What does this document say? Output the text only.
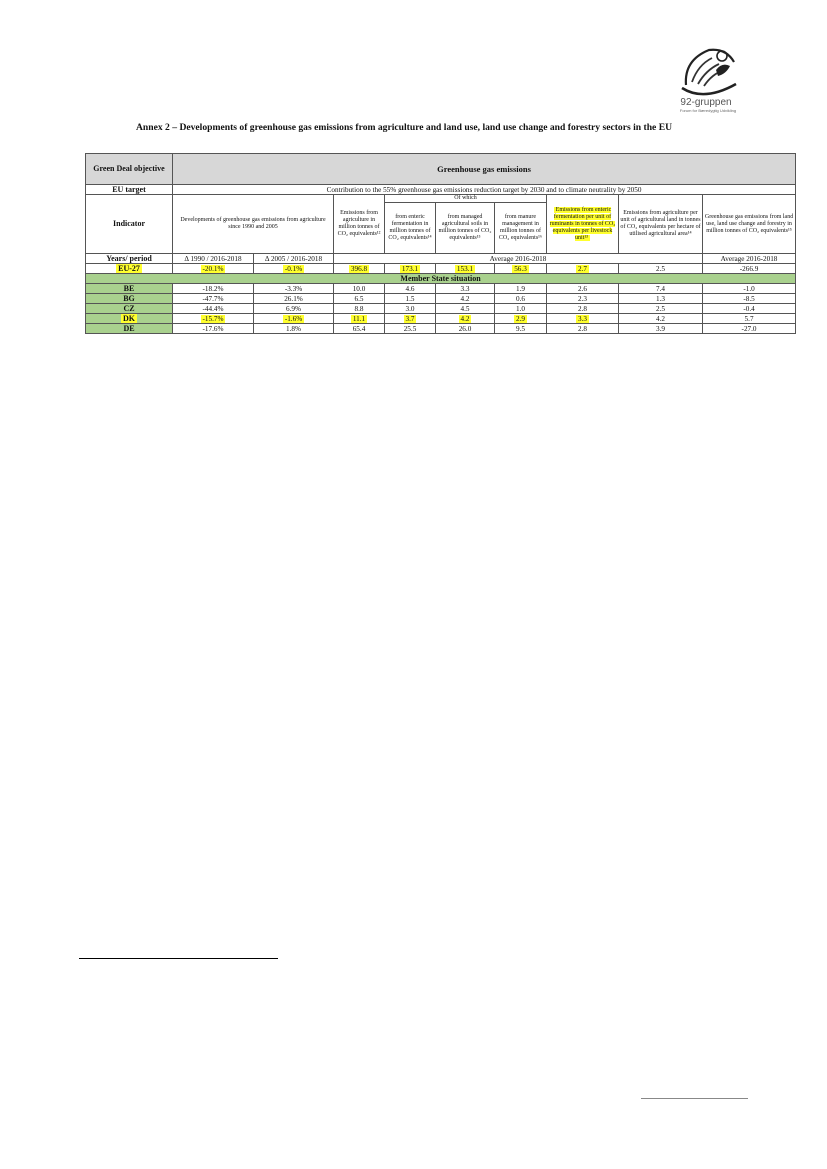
92-gruppen
Forum for Bæredygtig Udvikling
Annex 2 – Developments of greenhouse gas emissions from agriculture and land use, land use change and forestry sectors in the EU
Green Deal objective	Greenhouse gas emissions								
EU target	Contribution to the 55% greenhouse gas emissions reduction target by 2030 and to climate neutrality by 2050								
Indicator	Developments of greenhouse gas emissions from agriculture since 1990 and 2005		Emissions from agriculture in million tonnes of CO₂ equivalents¹²	Of which			Emissions from enteric fermentation per unit of ruminants in tonnes of CO₂ equivalents per livestock unit¹³	Emissions from agriculture per unit of agricultural land in tonnes of CO₂ equivalents per hectare of utilised agricultural area¹⁴	Greenhouse gas emissions from land use, land use change and forestry in million tonnes of CO₂ equivalents¹⁵
				from enteric fermentation in million tonnes of CO₂ equivalents¹⁴	from managed agricultural soils in million tonnes of CO₂ equivalents¹⁵	from manure management in million tonnes of CO₂ equivalents¹⁶			
Years/ period	Δ 1990 / 2016-2018	Δ 2005 / 2016-2018	Average 2016-2018						Average 2016-2018
EU-27	-20.1%	-0.1%	396.8	173.1	153.1	56.3	2.7	2.5	-266.9
Member State situation									
BE	-18.2%	-3.3%	10.0	4.6	3.3	1.9	2.6	7.4	-1.0
BG	-47.7%	26.1%	6.5	1.5	4.2	0.6	2.3	1.3	-8.5
CZ	-44.4%	6.9%	8.8	3.0	4.5	1.0	2.8	2.5	-0.4
DK	-15.7%	-1.6%	11.1	3.7	4.2	2.9	3.3	4.2	5.7
DE	-17.6%	1.8%	65.4	25.5	26.0	9.5	2.8	3.9	-27.0
